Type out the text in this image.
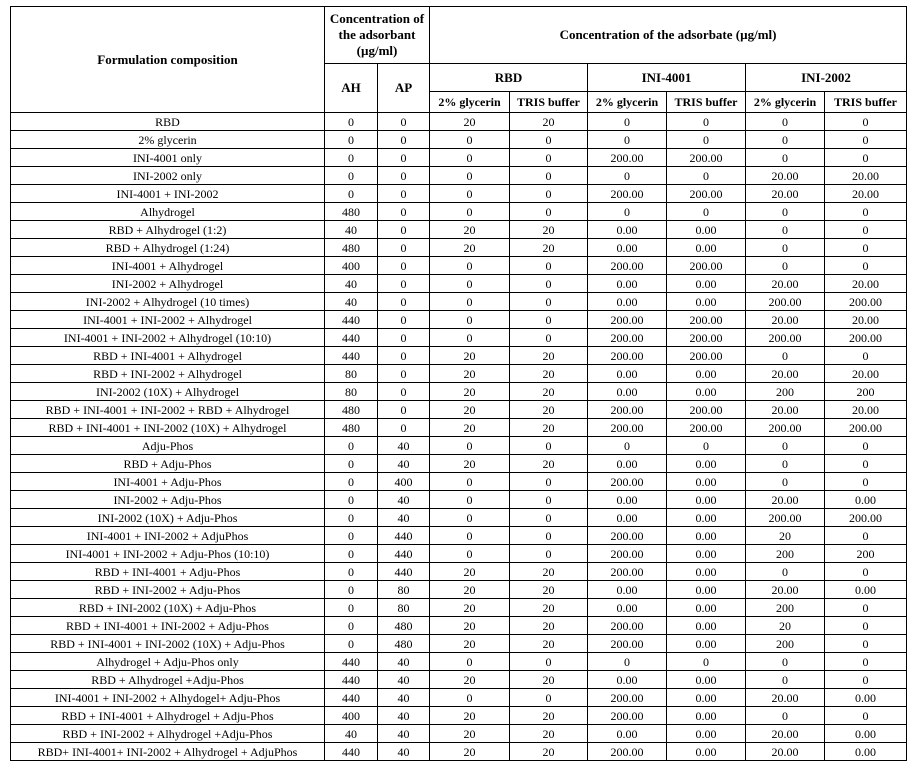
Formulation composition	Concentration of the adsorbant (µg/ml)		Concentration of the adsorbate (µg/ml)					
	AH	AP	RBD		INI-4001		INI-2002	
			2% glycerin	TRIS buffer	2% glycerin	TRIS buffer	2% glycerin	TRIS buffer
RBD	0	0	20	20	0	0	0	0
2% glycerin	0	0	0	0	0	0	0	0
INI-4001 only	0	0	0	0	200.00	200.00	0	0
INI-2002 only	0	0	0	0	0	0	20.00	20.00
INI-4001 + INI-2002	0	0	0	0	200.00	200.00	20.00	20.00
Alhydrogel	480	0	0	0	0	0	0	0
RBD + Alhydrogel (1:2)	40	0	20	20	0.00	0.00	0	0
RBD + Alhydrogel (1:24)	480	0	20	20	0.00	0.00	0	0
INI-4001 + Alhydrogel	400	0	0	0	200.00	200.00	0	0
INI-2002 + Alhydrogel	40	0	0	0	0.00	0.00	20.00	20.00
INI-2002 + Alhydrogel (10 times)	40	0	0	0	0.00	0.00	200.00	200.00
INI-4001 + INI-2002 + Alhydrogel	440	0	0	0	200.00	200.00	20.00	20.00
INI-4001 + INI-2002 + Alhydrogel (10:10)	440	0	0	0	200.00	200.00	200.00	200.00
RBD + INI-4001 + Alhydrogel	440	0	20	20	200.00	200.00	0	0
RBD + INI-2002 + Alhydrogel	80	0	20	20	0.00	0.00	20.00	20.00
INI-2002 (10X) + Alhydrogel	80	0	20	20	0.00	0.00	200	200
RBD + INI-4001 + INI-2002 + RBD + Alhydrogel	480	0	20	20	200.00	200.00	20.00	20.00
RBD + INI-4001 + INI-2002 (10X) + Alhydrogel	480	0	20	20	200.00	200.00	200.00	200.00
Adju-Phos	0	40	0	0	0	0	0	0
RBD + Adju-Phos	0	40	20	20	0.00	0.00	0	0
INI-4001 + Adju-Phos	0	400	0	0	200.00	0.00	0	0
INI-2002 + Adju-Phos	0	40	0	0	0.00	0.00	20.00	0.00
INI-2002 (10X) + Adju-Phos	0	40	0	0	0.00	0.00	200.00	200.00
INI-4001 + INI-2002 + AdjuPhos	0	440	0	0	200.00	0.00	20	0
INI-4001 + INI-2002 + Adju-Phos (10:10)	0	440	0	0	200.00	0.00	200	200
RBD + INI-4001 + Adju-Phos	0	440	20	20	200.00	0.00	0	0
RBD + INI-2002 + Adju-Phos	0	80	20	20	0.00	0.00	20.00	0.00
RBD + INI-2002 (10X) + Adju-Phos	0	80	20	20	0.00	0.00	200	0
RBD + INI-4001 + INI-2002 + Adju-Phos	0	480	20	20	200.00	0.00	20	0
RBD + INI-4001 + INI-2002 (10X) + Adju-Phos	0	480	20	20	200.00	0.00	200	0
Alhydrogel + Adju-Phos only	440	40	0	0	0	0	0	0
RBD + Alhydrogel +Adju-Phos	440	40	20	20	0.00	0.00	0	0
INI-4001 + INI-2002 + Alhydogel+ Adju-Phos	440	40	0	0	200.00	0.00	20.00	0.00
RBD + INI-4001 + Alhydrogel + Adju-Phos	400	40	20	20	200.00	0.00	0	0
RBD + INI-2002 + Alhydrogel +Adju-Phos	40	40	20	20	0.00	0.00	20.00	0.00
RBD+ INI-4001+ INI-2002 + Alhydrogel + AdjuPhos	440	40	20	20	200.00	0.00	20.00	0.00
